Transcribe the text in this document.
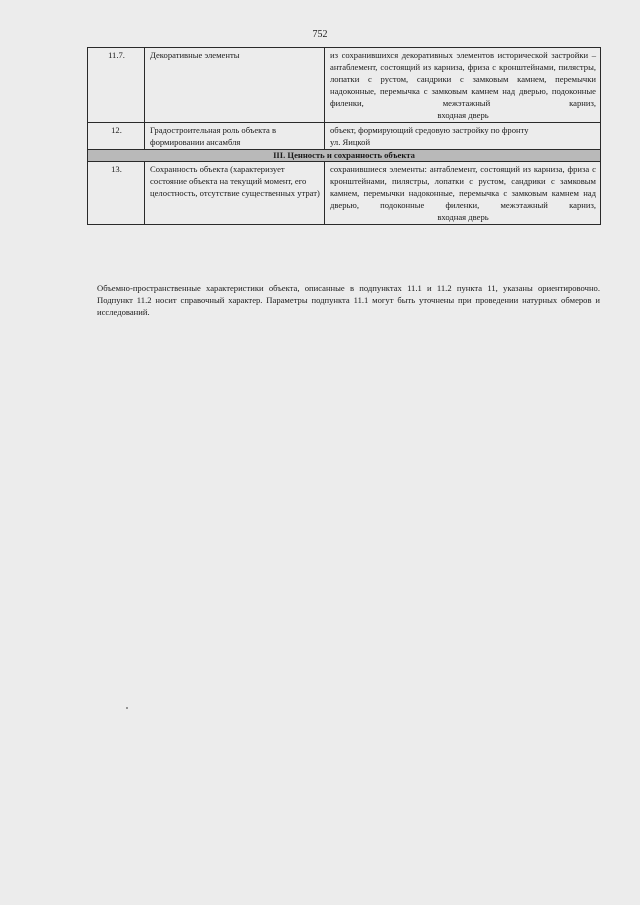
752
11.7.	Декоративные элементы	из сохранившихся декоративных элементов исторической застройки – антаблемент, состоящий из карниза, фриза с кронштейнами, пилястры, лопатки с рустом, сандрики с замковым камнем, перемычки надоконные, перемычка с замковым камнем над дверью, подоконные филенки, межэтажный карниз,
входная дверь

12.	Градостроительная роль объекта в формировании ансамбля	объект, формирующий средовую застройку по фронту
ул. Яицкой

III. Ценность и сохранность объекта		
13.	Сохранность объекта (характеризует состояние объекта на текущий момент, его целостность, отсутствие существенных утрат)	сохранившиеся элементы: антаблемент, состоящий из карниза, фриза с кронштейнами, пилястры, лопатки с рустом, сандрики с замковым камнем, перемычки надоконные, перемычка с замковым камнем над дверью, подоконные филенки, межэтажный карниз,
входная дверь

Объемно-пространственные характеристики объекта, описанные в подпунктах 11.1 и 11.2 пункта 11, указаны ориентировочно. Подпункт 11.2 носит справочный характер. Параметры подпункта 11.1 могут быть уточнены при проведении натурных обмеров и исследований.
